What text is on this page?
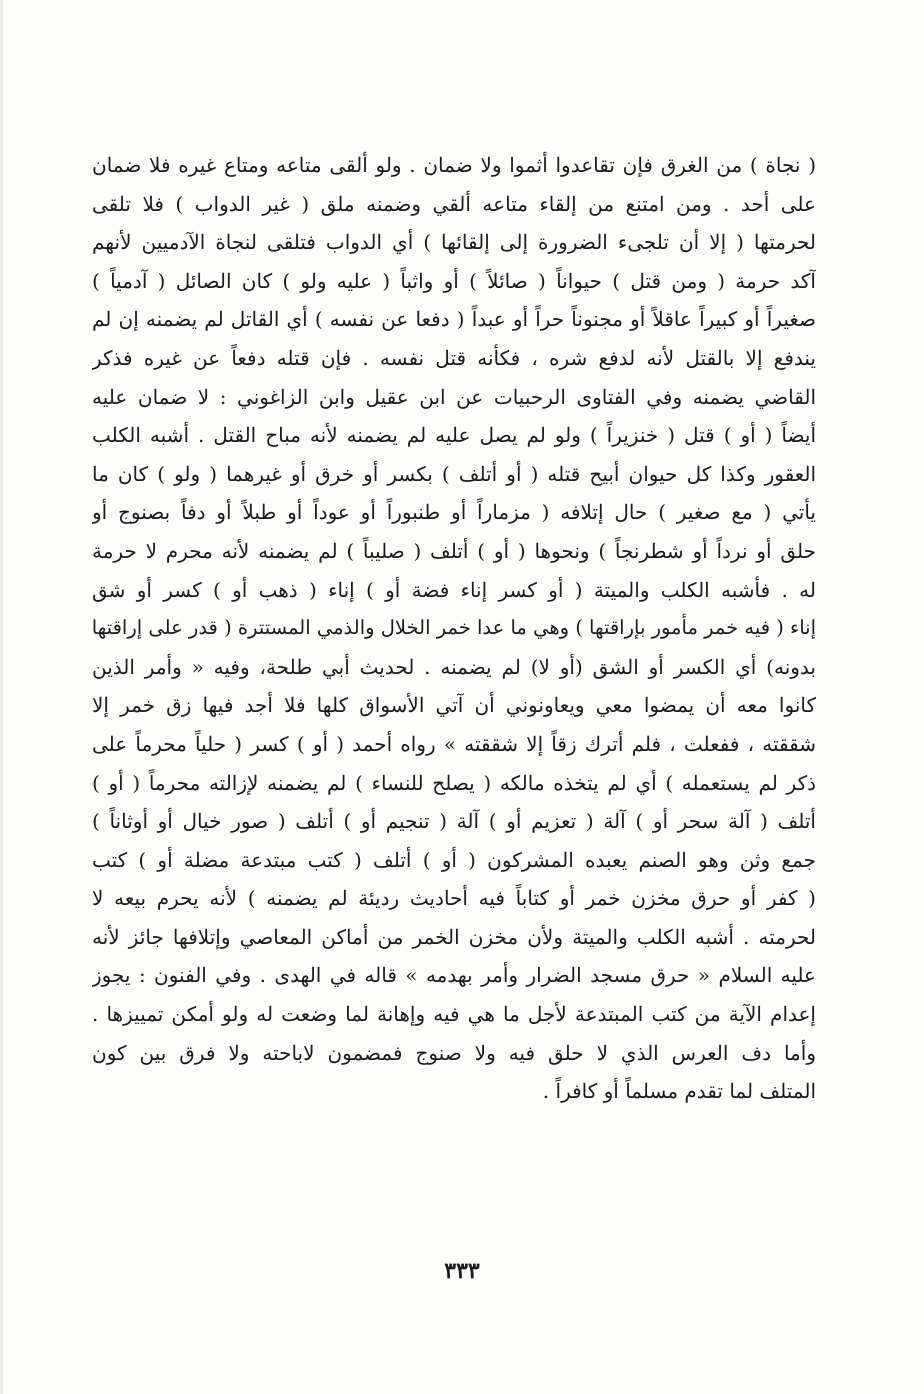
( نجاة ) من الغرق فإن تقاعدوا أثموا ولا ضمان . ولو ألقى متاعه ومتاع غيره فلا ضمان
على أحد . ومن امتنع من إلقاء متاعه ألقي وضمنه ملق ( غير الدواب ) فلا تلقى
لحرمتها ( إلا أن تلجىء الضرورة إلى إلقائها ) أي الدواب فتلقى لنجاة الآدميين لأنهم
آكد حرمة ( ومن قتل ) حيواناً ( صائلاً ) أو واثباً ( عليه ولو ) كان الصائل ( آدمياً )
صغيراً أو كبيراً عاقلاً أو مجنوناً حراً أو عبداً ( دفعا عن نفسه ) أي القاتل لم يضمنه إن لم
يندفع إلا بالقتل لأنه لدفع شره ، فكأنه قتل نفسه . فإن قتله دفعاً عن غيره فذكر
القاضي يضمنه وفي الفتاوى الرحبيات عن ابن عقيل وابن الزاغوني : لا ضمان عليه
أيضاً ( أو ) قتل ( خنزيراً ) ولو لم يصل عليه لم يضمنه لأنه مباح القتل . أشبه الكلب
العقور وكذا كل حيوان أبيح قتله ( أو أتلف ) بكسر أو خرق أو غيرهما ( ولو ) كان ما
يأتي ( مع صغير ) حال إتلافه ( مزماراً أو طنبوراً أو عوداً أو طبلاً أو دفاً بصنوج أو
حلق أو نرداً أو شطرنجاً ) ونحوها ( أو ) أتلف ( صليباً ) لم يضمنه لأنه محرم لا حرمة
له . فأشبه الكلب والميتة ( أو كسر إناء فضة أو ) إناء ( ذهب أو ) كسر أو شق
إناء ( فيه خمر مأمور بإراقتها ) وهي ما عدا خمر الخلال والذمي المستترة ( قدر على إراقتها
بدونه) أي الكسر أو الشق (أو لا) لم يضمنه . لحديث أبي طلحة، وفيه « وأمر الذين
كانوا معه أن يمضوا معي ويعاونوني أن آتي الأسواق كلها فلا أجد فيها زق خمر إلا
شققته ، ففعلت ، فلم أترك زقاً إلا شققته » رواه أحمد ( أو ) كسر ( حلياً محرماً على
ذكر لم يستعمله ) أي لم يتخذه مالكه ( يصلح للنساء ) لم يضمنه لإزالته محرماً ( أو )
أتلف ( آلة سحر أو ) آلة ( تعزيم أو ) آلة ( تنجيم أو ) أتلف ( صور خيال أو أوثاناً )
جمع وثن وهو الصنم يعبده المشركون ( أو ) أتلف ( كتب مبتدعة مضلة أو ) كتب
( كفر أو حرق مخزن خمر أو كتاباً فيه أحاديث رديئة لم يضمنه ) لأنه يحرم بيعه لا
لحرمته . أشبه الكلب والميتة ولأن مخزن الخمر من أماكن المعاصي وإتلافها جائز لأنه
عليه السلام « حرق مسجد الضرار وأمر بهدمه » قاله في الهدى . وفي الفنون : يجوز
إعدام الآية من كتب المبتدعة لأجل ما هي فيه وإهانة لما وضعت له ولو أمكن تمييزها .
وأما دف العرس الذي لا حلق فيه ولا صنوج فمضمون لاباحته ولا فرق بين كون
المتلف لما تقدم مسلماً أو كافراً .
٣٣٣
